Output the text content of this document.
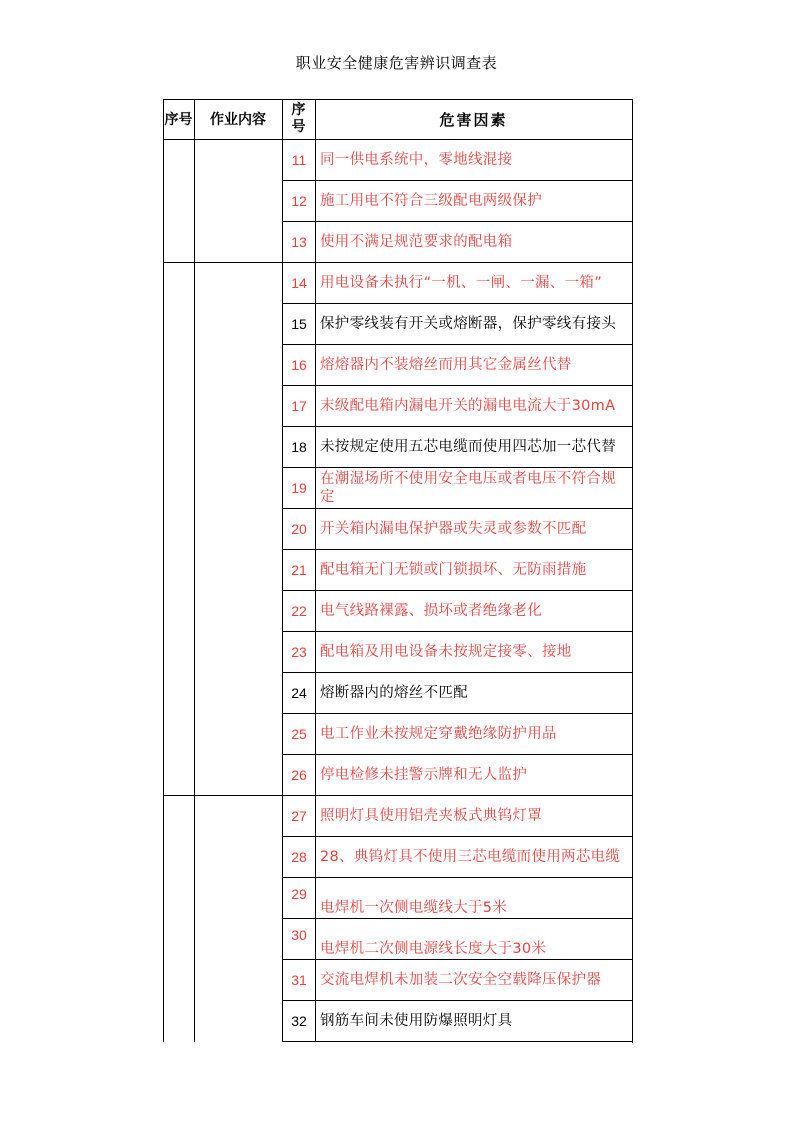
职业安全健康危害辨识调查表
序号	作业内容
序号	危害因素
11 同一供电系统中，零地线混接
12 施工用电不符合三级配电两级保护
13 使用不满足规范要求的配电箱
14 用电设备未执行“一机、一闸、一漏、一箱”
15 保护零线装有开关或熔断器，保护零线有接头
16 熔熔器内不装熔丝而用其它金属丝代替
17 末级配电箱内漏电开关的漏电电流大于30mA
18 未按规定使用五芯电缆而使用四芯加一芯代替
19
在潮湿场所不使用安全电压或者电压不符合规定
20 开关箱内漏电保护器或失灵或参数不匹配
21 配电箱无门无锁或门锁损坏、无防雨措施
22 电气线路裸露、损坏或者绝缘老化
23 配电箱及用电设备未按规定接零、接地
24 熔断器内的熔丝不匹配
25 电工作业未按规定穿戴绝缘防护用品
26 停电检修未挂警示牌和无人监护
27 照明灯具使用铝壳夹板式典钨灯罩
28 28、典钨灯具不使用三芯电缆而使用两芯电缆
29
电焊机一次侧电缆线大于5米
30
电焊机二次侧电源线长度大于30米
31 交流电焊机未加装二次安全空载降压保护器
32 钢筋车间未使用防爆照明灯具
